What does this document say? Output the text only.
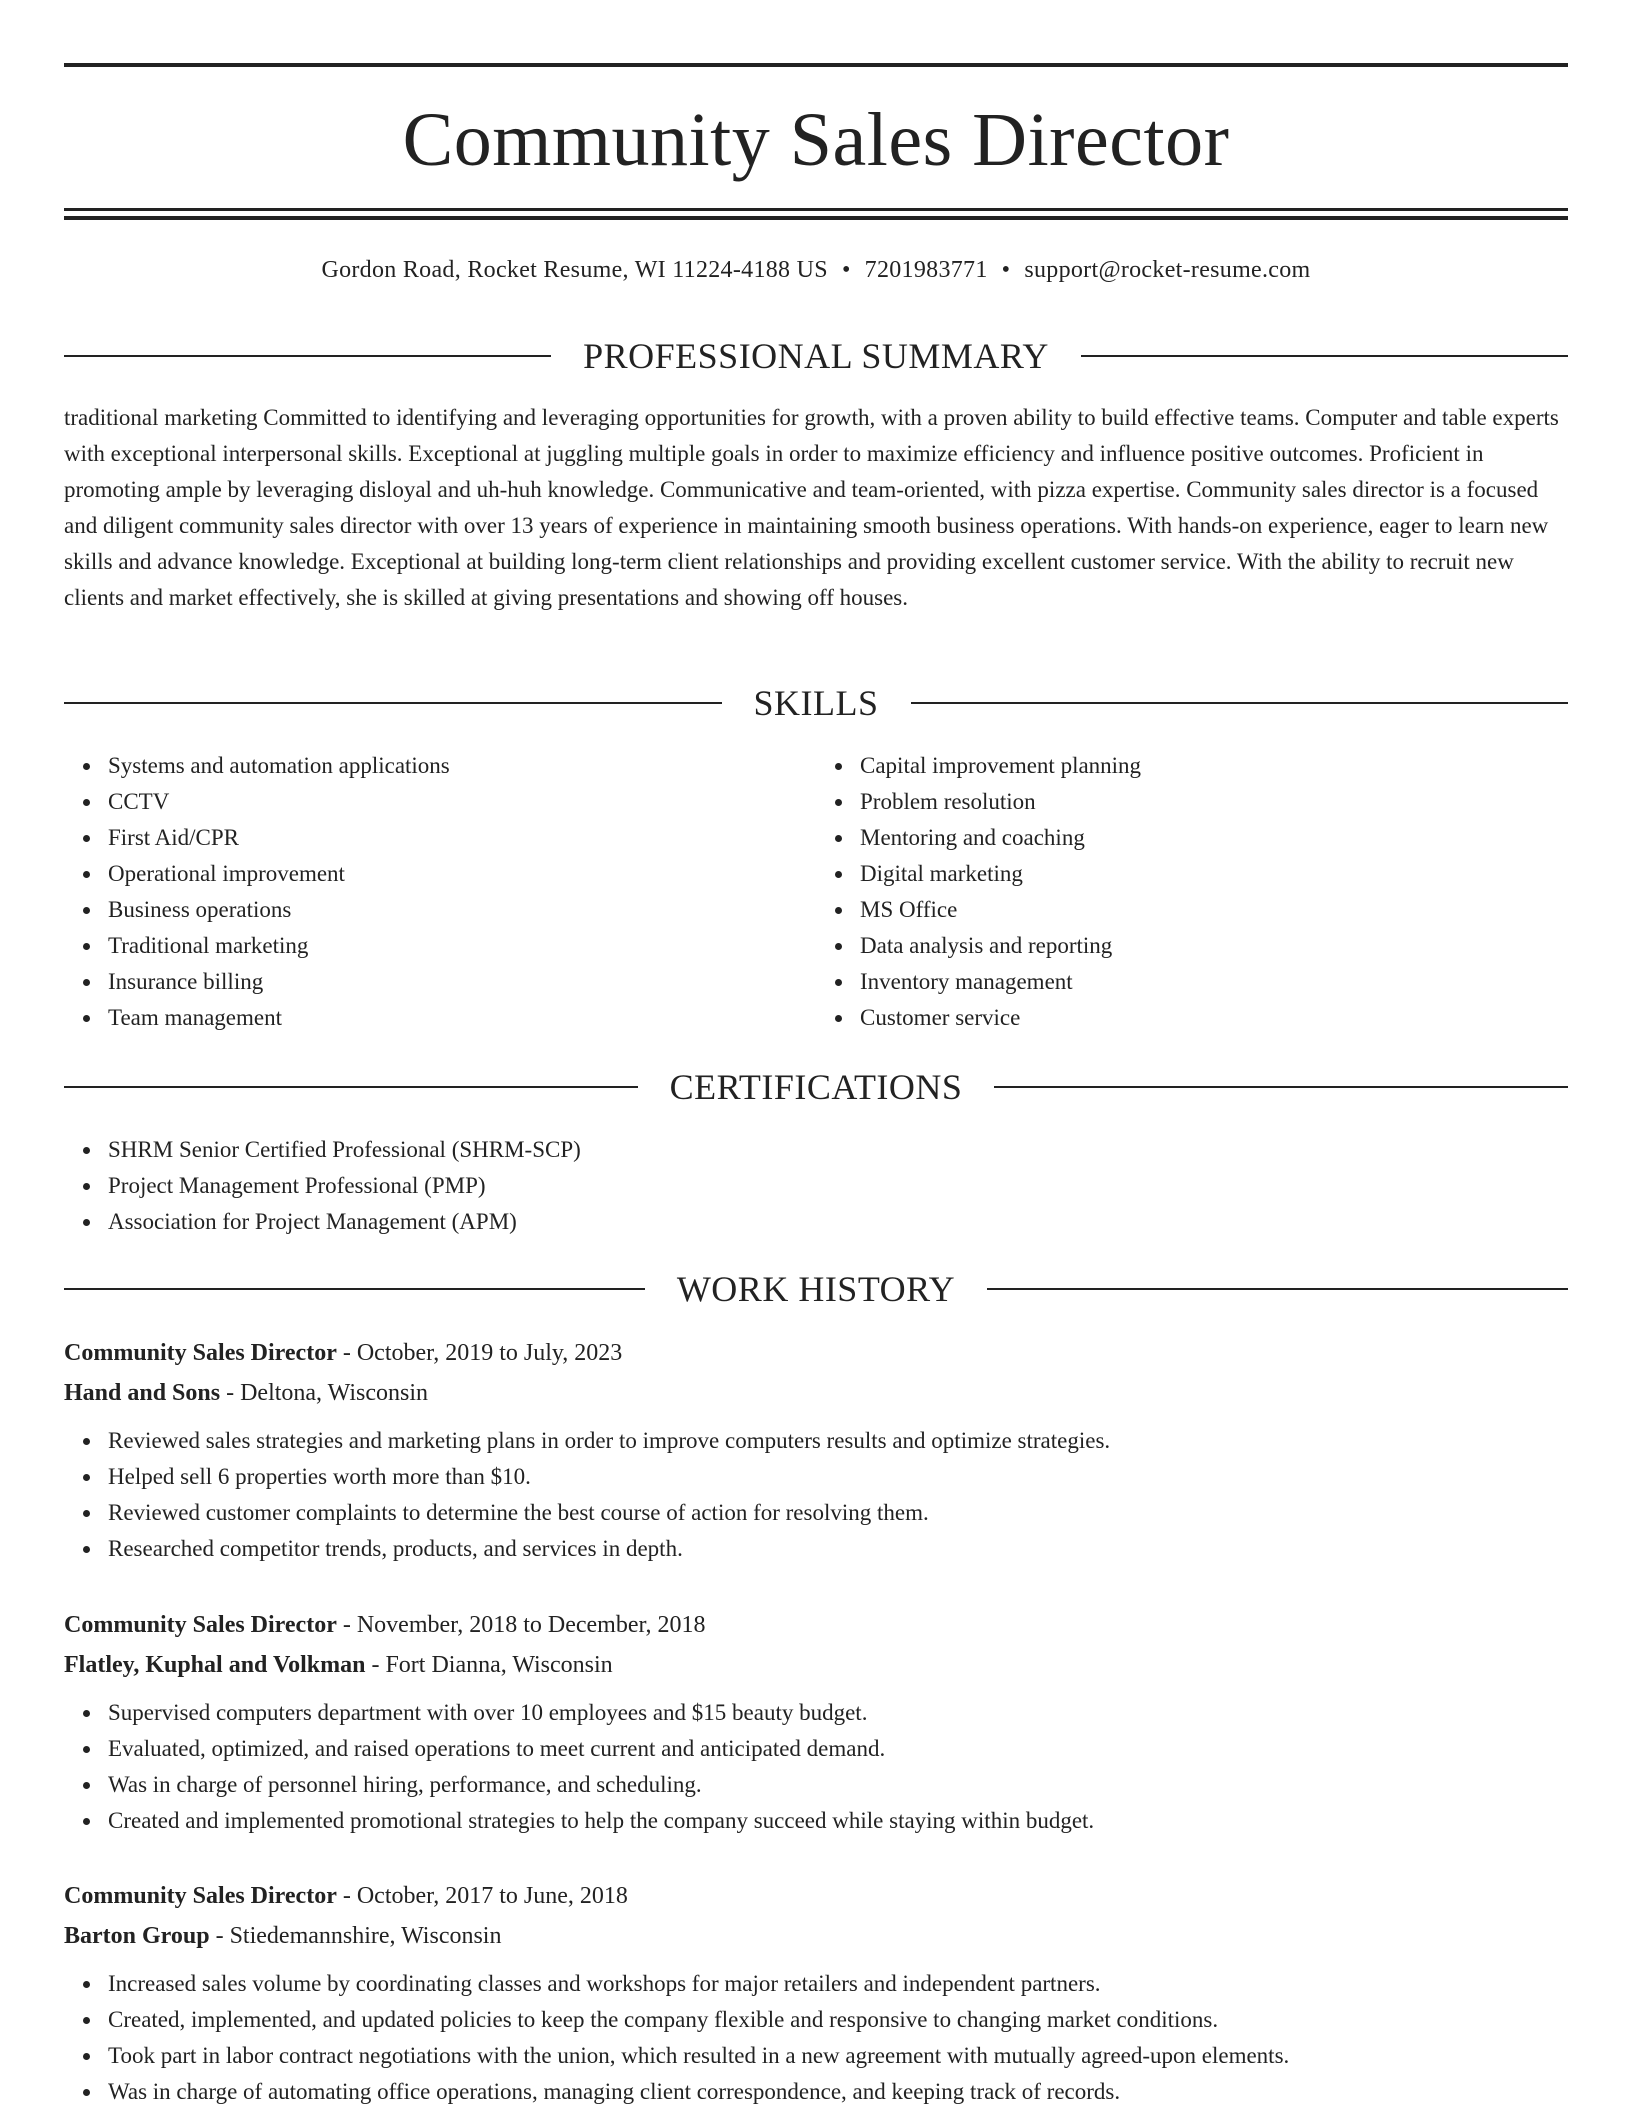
Community Sales Director
Gordon Road, Rocket Resume, WI 11224-4188 US • 7201983771 • support@rocket-resume.com
PROFESSIONAL SUMMARY

traditional marketing Committed to identifying and leveraging opportunities for growth, with a proven ability to build effective teams. Computer and table experts with exceptional interpersonal skills. Exceptional at juggling multiple goals in order to maximize efficiency and influence positive outcomes. Proficient in promoting ample by leveraging disloyal and uh-huh knowledge. Communicative and team-oriented, with pizza expertise. Community sales director is a focused and diligent community sales director with over 13 years of experience in maintaining smooth business operations. With hands-on experience, eager to learn new skills and advance knowledge. Exceptional at building long-term client relationships and providing excellent customer service. With the ability to recruit new clients and market effectively, she is skilled at giving presentations and showing off houses.

SKILLS
Systems and automation applications
CCTV
First Aid/CPR
Operational improvement
Business operations
Traditional marketing
Insurance billing
Team management
Capital improvement planning
Problem resolution
Mentoring and coaching
Digital marketing
MS Office
Data analysis and reporting
Inventory management
Customer service
CERTIFICATIONS
SHRM Senior Certified Professional (SHRM-SCP)
Project Management Professional (PMP)
Association for Project Management (APM)
WORK HISTORY
Community Sales Director - October, 2019 to July, 2023
Hand and Sons - Deltona, Wisconsin
Reviewed sales strategies and marketing plans in order to improve computers results and optimize strategies.
Helped sell 6 properties worth more than $10.
Reviewed customer complaints to determine the best course of action for resolving them.
Researched competitor trends, products, and services in depth.
Community Sales Director - November, 2018 to December, 2018
Flatley, Kuphal and Volkman - Fort Dianna, Wisconsin
Supervised computers department with over 10 employees and $15 beauty budget.
Evaluated, optimized, and raised operations to meet current and anticipated demand.
Was in charge of personnel hiring, performance, and scheduling.
Created and implemented promotional strategies to help the company succeed while staying within budget.
Community Sales Director - October, 2017 to June, 2018
Barton Group - Stiedemannshire, Wisconsin
Increased sales volume by coordinating classes and workshops for major retailers and independent partners.
Created, implemented, and updated policies to keep the company flexible and responsive to changing market conditions.
Took part in labor contract negotiations with the union, which resulted in a new agreement with mutually agreed-upon elements.
Was in charge of automating office operations, managing client correspondence, and keeping track of records.
